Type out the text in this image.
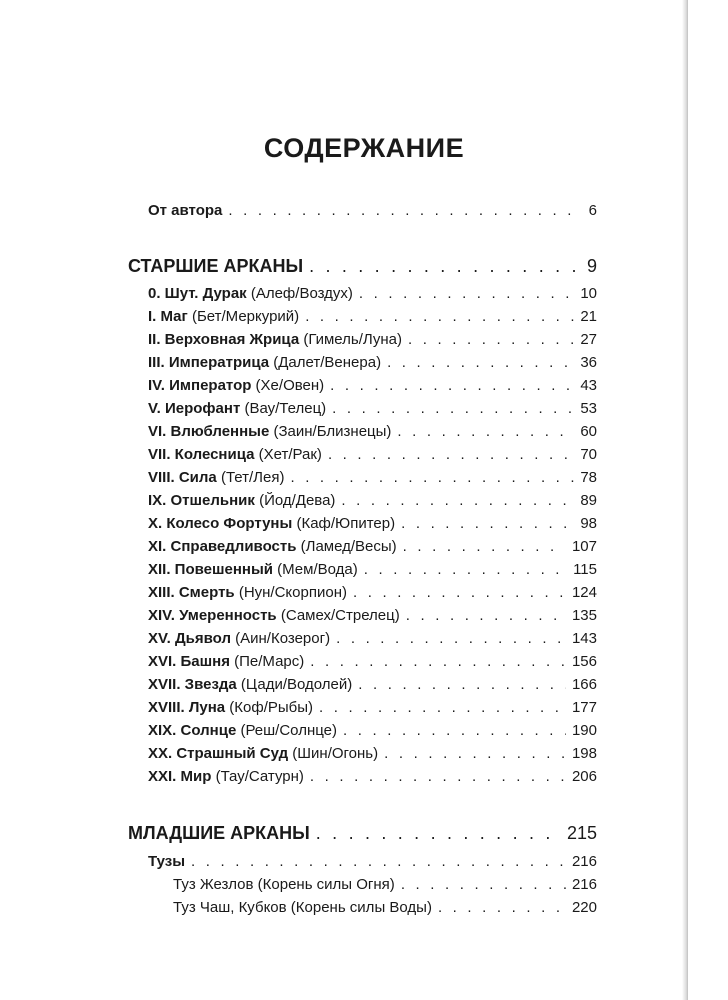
СОДЕРЖАНИЕ
От автора . . .	6
СТАРШИЕ АРКАНЫ . . .	9
0. Шут. Дурак (Алеф/Воздух) . . .	10
I. Маг (Бет/Меркурий) . . .	21
II. Верховная Жрица (Гимель/Луна) . . .	27
III. Императрица (Далет/Венера) . . .	36
IV. Император (Хе/Овен) . . .	43
V. Иерофант (Вау/Телец) . . .	53
VI. Влюбленные (Заин/Близнецы) . . .	60
VII. Колесница (Хет/Рак) . . .	70
VIII. Сила (Тет/Лея) . . .	78
IX. Отшельник (Йод/Дева) . . .	89
X. Колесо Фортуны (Каф/Юпитер) . . .	98
XI. Справедливость (Ламед/Весы) . . .	107
XII. Повешенный (Мем/Вода) . . .	115
XIII. Смерть (Нун/Скорпион) . . .	124
XIV. Умеренность (Самех/Стрелец) . . .	135
XV. Дьявол (Аин/Козерог) . . .	143
XVI. Башня (Пе/Марс) . . .	156
XVII. Звезда (Цади/Водолей) . . .	166
XVIII. Луна (Коф/Рыбы) . . .	177
XIX. Солнце (Реш/Солнце) . . .	190
XX. Страшный Суд (Шин/Огонь) . . .	198
XXI. Мир (Тау/Сатурн) . . .	206
МЛАДШИЕ АРКАНЫ . . .	215
Тузы . . .	216
Туз Жезлов (Корень силы Огня) . . .	216
Туз Чаш, Кубков (Корень силы Воды) . . .	220
